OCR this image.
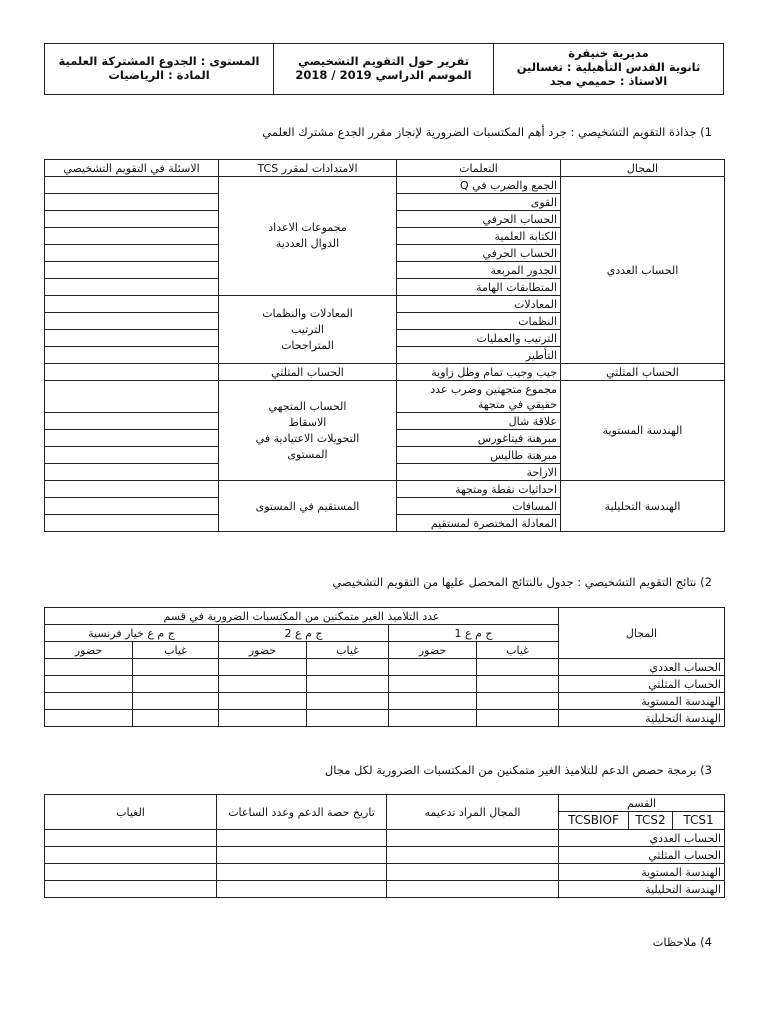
مديرية خنيفرة
ثانوية القدس التأهيلية : تغسالين
الاستاذ : حميمي مجد
تقرير حول التقويم التشخيصي
الموسم الدراسي 2019 / 2018
المستوى : الجدوع المشتركة العلمية
المادة : الرياضيات
1) جذاذة التقويم التشخيصي : جرد أهم المكتسبات الضرورية لإنجاز مقرر الجدع مشترك العلمي
المجال	التعلمات	الامتدادات لمقرر TCS	الاسئلة في التقويم التشخيصي
الحساب العددي	الجمع والضرب في Q	مجموعات الاعداد
الدوال العددية	

	القوى		
	الحساب الحرفي		
	الكتابة العلمية		
	الحساب الحرفي		
	الجدور المربعة		
	المتطابقات الهامة		
	المعادلات	المعادلات والنظمات
الترتيب
المتراجحات	

	النظمات		
	الترتيب والعمليات		
	التأطير		
الحساب المثلثي	جيب وجيب تمام وظل زاوية	الحساب المثلثي	
الهندسة المستوية	مجموع متجهتين وضرب عدد حقيقي في متجهة	الحساب المتجهي
الاسقاط
التحويلات الاعتيادية في
المستوى	

	علاقة شال		
	مبرهنة فيتاغورس		
	مبرهنة طاليس		
	الازاحة		
الهندسة التحليلية	احداثيات نقطة ومتجهة	المستقيم في المستوى	
	المسافات		
	المعادلة المختصرة لمستقيم		
2) نتائج التقويم التشخيصي : جدول بالنتائج المحصل عليها من التقويم التشخيصي
المجال	عدد التلاميذ الغير متمكنين من المكتسبات الضرورية في قسم					
	ج م ع 1		ج م ع 2		ج م ع خيار فرنسية	
	غياب	حضور	غياب	حضور	غياب	حضور
الحساب العددي						
الحساب المثلثي						
الهندسة المستوية						
الهندسة التحليلية						
3) برمجة حصص الدعم للتلاميذ الغير متمكنين من المكتسبات الضرورية لكل مجال
القسم			المجال المراد تدعيمه	تاريخ حصة الدعم وعدد الساعات	الغياب
TCS1	TCS2	TCSBIOF			
الحساب العددي					
الحساب المثلثي					
الهندسة المستوية					
الهندسة التحليلية					
4) ملاحظات
